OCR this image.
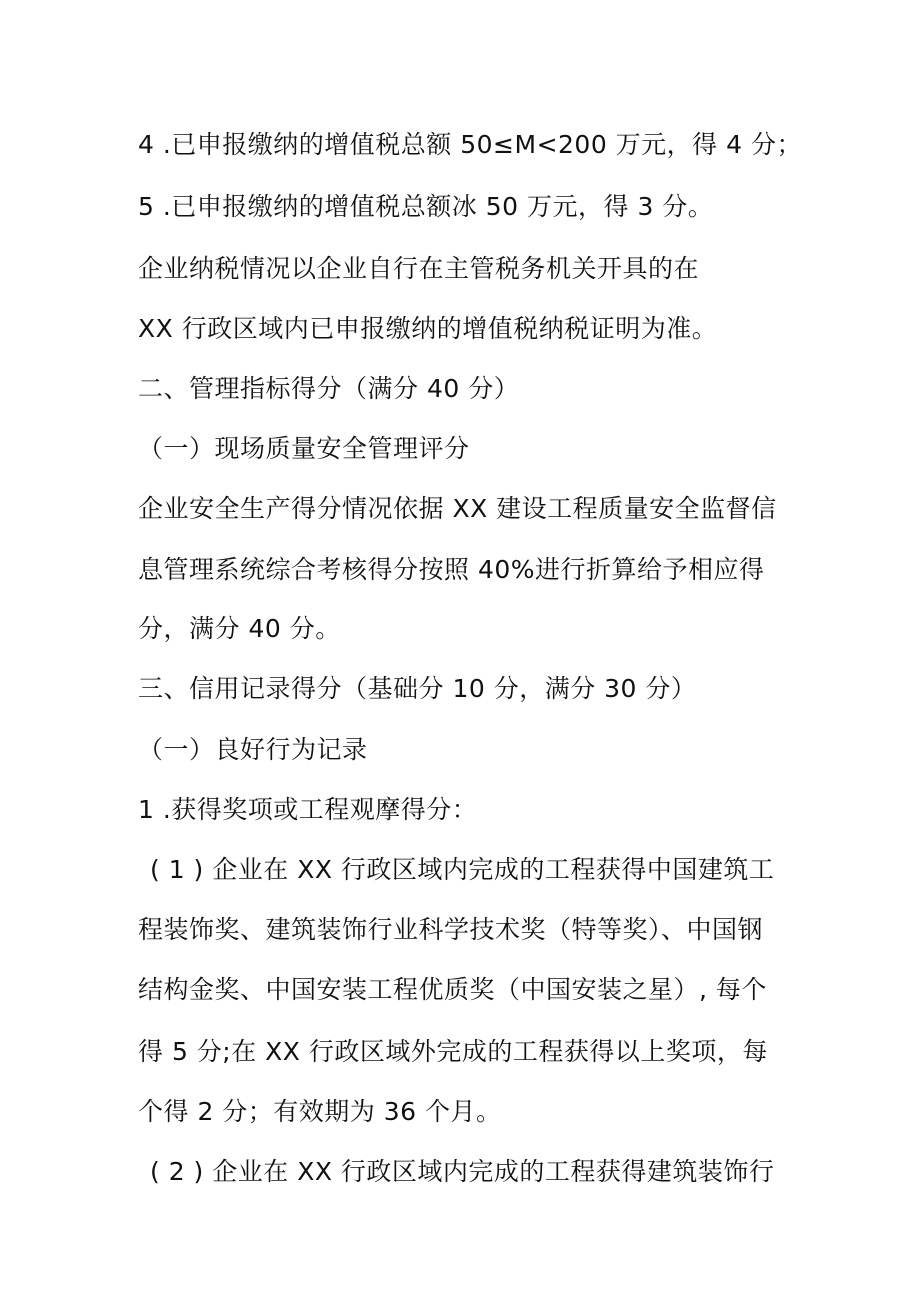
4 .已申报缴纳的增值税总额 50≤M<200 万元，得 4 分；
5 .已申报缴纳的增值税总额冰 50 万元，得 3 分。
企业纳税情况以企业自行在主管税务机关开具的在
XX 行政区域内已申报缴纳的增值税纳税证明为准。
二、管理指标得分（满分 40 分）
（一）现场质量安全管理评分
企业安全生产得分情况依据 XX 建设工程质量安全监督信
息管理系统综合考核得分按照 40%进行折算给予相应得
分，满分 40 分。
三、信用记录得分（基础分 10 分，满分 30 分）
（一）良好行为记录
1 .获得奖项或工程观摩得分：
( 1 ) 企业在 XX 行政区域内完成的工程获得中国建筑工
程装饰奖、建筑装饰行业科学技术奖（特等奖）、中国钢
结构金奖、中国安装工程优质奖（中国安装之星）, 每个
得 5 分;在 XX 行政区域外完成的工程获得以上奖项，每
个得 2 分；有效期为 36 个月。
( 2 ) 企业在 XX 行政区域内完成的工程获得建筑装饰行
